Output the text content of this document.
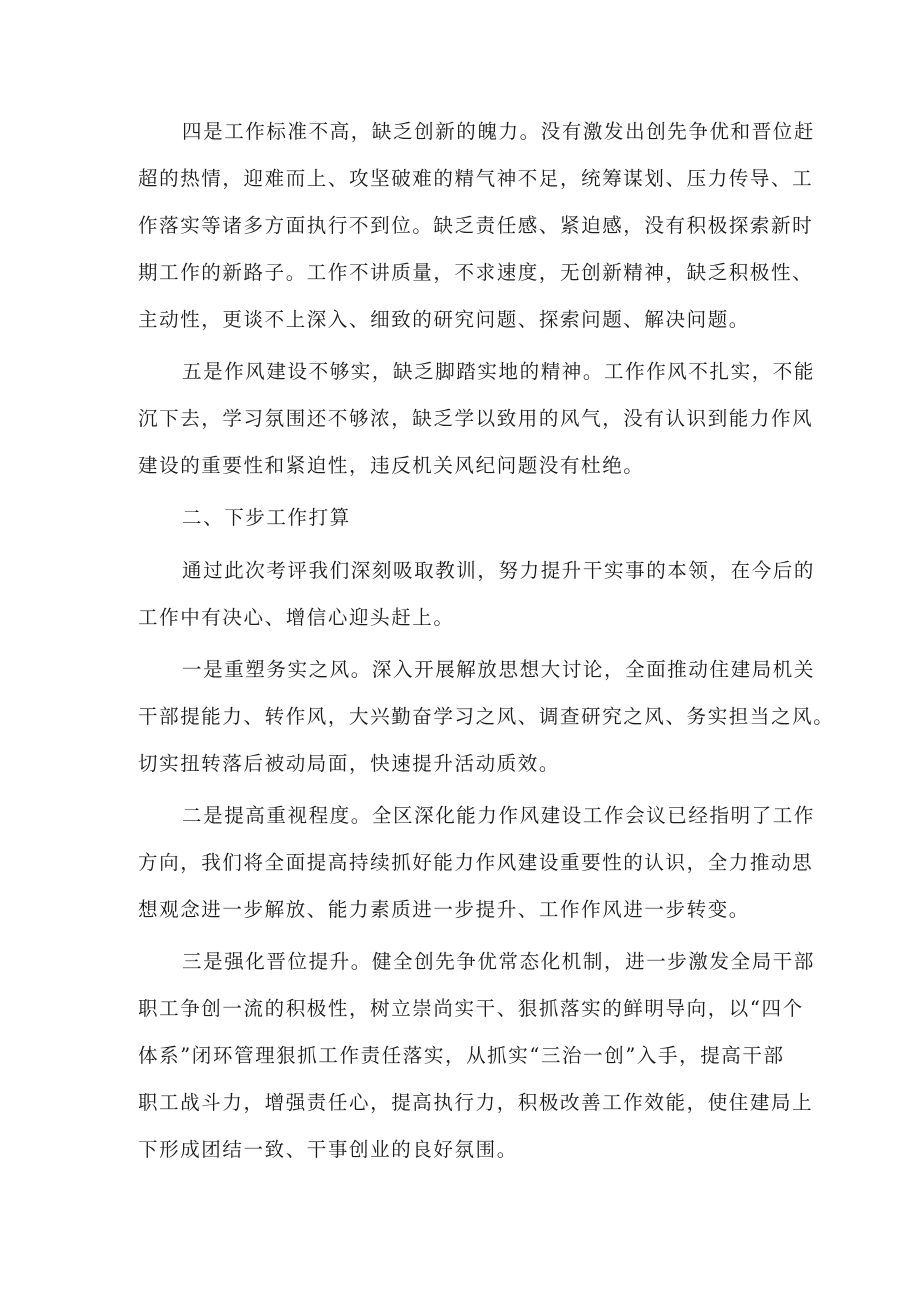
四是工作标准不高，缺乏创新的魄力。没有激发出创先争优和晋位赶
超的热情，迎难而上、攻坚破难的精气神不足，统筹谋划、压力传导、工
作落实等诸多方面执行不到位。缺乏责任感、紧迫感，没有积极探索新时
期工作的新路子。工作不讲质量，不求速度，无创新精神，缺乏积极性、
主动性，更谈不上深入、细致的研究问题、探索问题、解决问题。
五是作风建设不够实，缺乏脚踏实地的精神。工作作风不扎实，不能
沉下去，学习氛围还不够浓，缺乏学以致用的风气，没有认识到能力作风
建设的重要性和紧迫性，违反机关风纪问题没有杜绝。
二、下步工作打算
通过此次考评我们深刻吸取教训，努力提升干实事的本领，在今后的
工作中有决心、增信心迎头赶上。
一是重塑务实之风。深入开展解放思想大讨论，全面推动住建局机关
干部提能力、转作风，大兴勤奋学习之风、调查研究之风、务实担当之风。
切实扭转落后被动局面，快速提升活动质效。
二是提高重视程度。全区深化能力作风建设工作会议已经指明了工作
方向，我们将全面提高持续抓好能力作风建设重要性的认识，全力推动思
想观念进一步解放、能力素质进一步提升、工作作风进一步转变。
三是强化晋位提升。健全创先争优常态化机制，进一步激发全局干部
职工争创一流的积极性，树立崇尚实干、狠抓落实的鲜明导向，以“四个
体系”闭环管理狠抓工作责任落实，从抓实“三治一创”入手，提高干部
职工战斗力，增强责任心，提高执行力，积极改善工作效能，使住建局上
下形成团结一致、干事创业的良好氛围。
